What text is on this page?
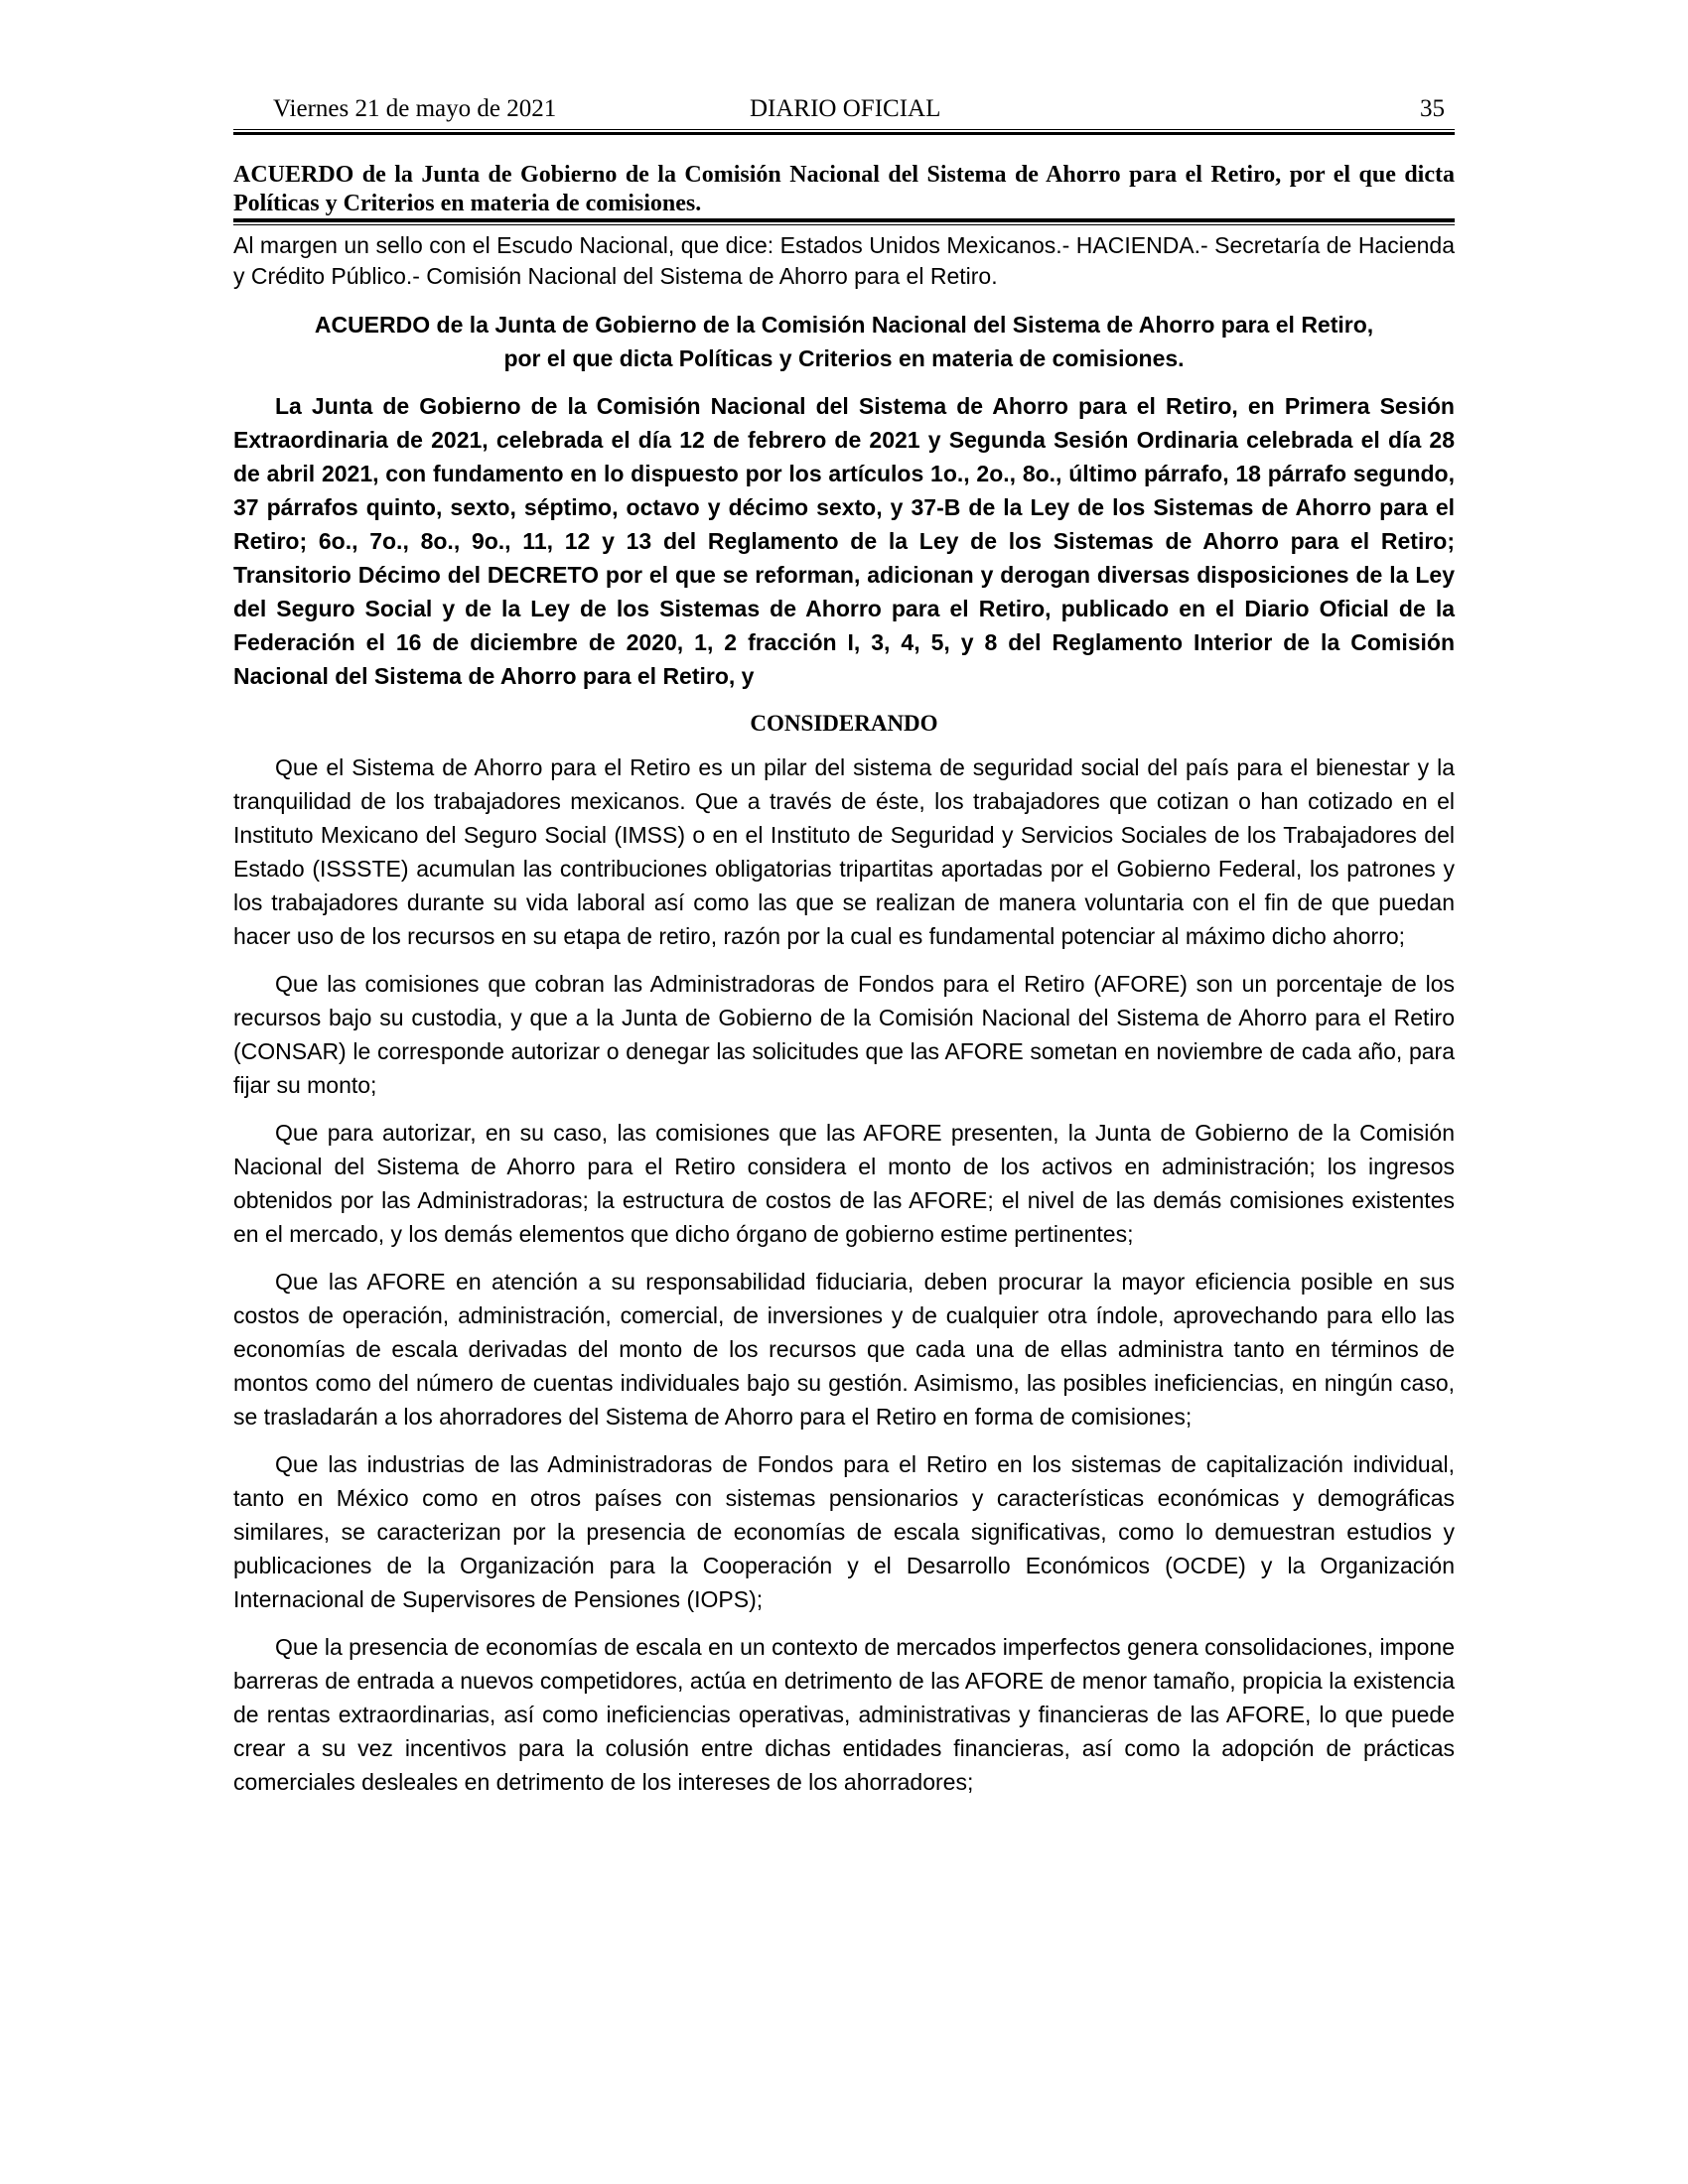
Viernes 21 de mayo de 2021	DIARIO OFICIAL	35

ACUERDO de la Junta de Gobierno de la Comisión Nacional del Sistema de Ahorro para el Retiro, por el que dicta Políticas y Criterios en materia de comisiones.

Al margen un sello con el Escudo Nacional, que dice: Estados Unidos Mexicanos.- HACIENDA.- Secretaría de Hacienda y Crédito Público.- Comisión Nacional del Sistema de Ahorro para el Retiro.

ACUERDO de la Junta de Gobierno de la Comisión Nacional del Sistema de Ahorro para el Retiro,
por el que dicta Políticas y Criterios en materia de comisiones.

La Junta de Gobierno de la Comisión Nacional del Sistema de Ahorro para el Retiro, en Primera Sesión Extraordinaria de 2021, celebrada el día 12 de febrero de 2021 y Segunda Sesión Ordinaria celebrada el día 28 de abril 2021, con fundamento en lo dispuesto por los artículos 1o., 2o., 8o., último párrafo, 18 párrafo segundo, 37 párrafos quinto, sexto, séptimo, octavo y décimo sexto, y 37-B de la Ley de los Sistemas de Ahorro para el Retiro; 6o., 7o., 8o., 9o., 11, 12 y 13 del Reglamento de la Ley de los Sistemas de Ahorro para el Retiro; Transitorio Décimo del DECRETO por el que se reforman, adicionan y derogan diversas disposiciones de la Ley del Seguro Social y de la Ley de los Sistemas de Ahorro para el Retiro, publicado en el Diario Oficial de la Federación el 16 de diciembre de 2020, 1, 2 fracción I, 3, 4, 5, y 8 del Reglamento Interior de la Comisión Nacional del Sistema de Ahorro para el Retiro, y

CONSIDERANDO

Que el Sistema de Ahorro para el Retiro es un pilar del sistema de seguridad social del país para el bienestar y la tranquilidad de los trabajadores mexicanos. Que a través de éste, los trabajadores que cotizan o han cotizado en el Instituto Mexicano del Seguro Social (IMSS) o en el Instituto de Seguridad y Servicios Sociales de los Trabajadores del Estado (ISSSTE) acumulan las contribuciones obligatorias tripartitas aportadas por el Gobierno Federal, los patrones y los trabajadores durante su vida laboral así como las que se realizan de manera voluntaria con el fin de que puedan hacer uso de los recursos en su etapa de retiro, razón por la cual es fundamental potenciar al máximo dicho ahorro;

Que las comisiones que cobran las Administradoras de Fondos para el Retiro (AFORE) son un porcentaje de los recursos bajo su custodia, y que a la Junta de Gobierno de la Comisión Nacional del Sistema de Ahorro para el Retiro (CONSAR) le corresponde autorizar o denegar las solicitudes que las AFORE sometan en noviembre de cada año, para fijar su monto;

Que para autorizar, en su caso, las comisiones que las AFORE presenten, la Junta de Gobierno de la Comisión Nacional del Sistema de Ahorro para el Retiro considera el monto de los activos en administración; los ingresos obtenidos por las Administradoras; la estructura de costos de las AFORE; el nivel de las demás comisiones existentes en el mercado, y los demás elementos que dicho órgano de gobierno estime pertinentes;

Que las AFORE en atención a su responsabilidad fiduciaria, deben procurar la mayor eficiencia posible en sus costos de operación, administración, comercial, de inversiones y de cualquier otra índole, aprovechando para ello las economías de escala derivadas del monto de los recursos que cada una de ellas administra tanto en términos de montos como del número de cuentas individuales bajo su gestión. Asimismo, las posibles ineficiencias, en ningún caso, se trasladarán a los ahorradores del Sistema de Ahorro para el Retiro en forma de comisiones;

Que las industrias de las Administradoras de Fondos para el Retiro en los sistemas de capitalización individual, tanto en México como en otros países con sistemas pensionarios y características económicas y demográficas similares, se caracterizan por la presencia de economías de escala significativas, como lo demuestran estudios y publicaciones de la Organización para la Cooperación y el Desarrollo Económicos (OCDE) y la Organización Internacional de Supervisores de Pensiones (IOPS);

Que la presencia de economías de escala en un contexto de mercados imperfectos genera consolidaciones, impone barreras de entrada a nuevos competidores, actúa en detrimento de las AFORE de menor tamaño, propicia la existencia de rentas extraordinarias, así como ineficiencias operativas, administrativas y financieras de las AFORE, lo que puede crear a su vez incentivos para la colusión entre dichas entidades financieras, así como la adopción de prácticas comerciales desleales en detrimento de los intereses de los ahorradores;
